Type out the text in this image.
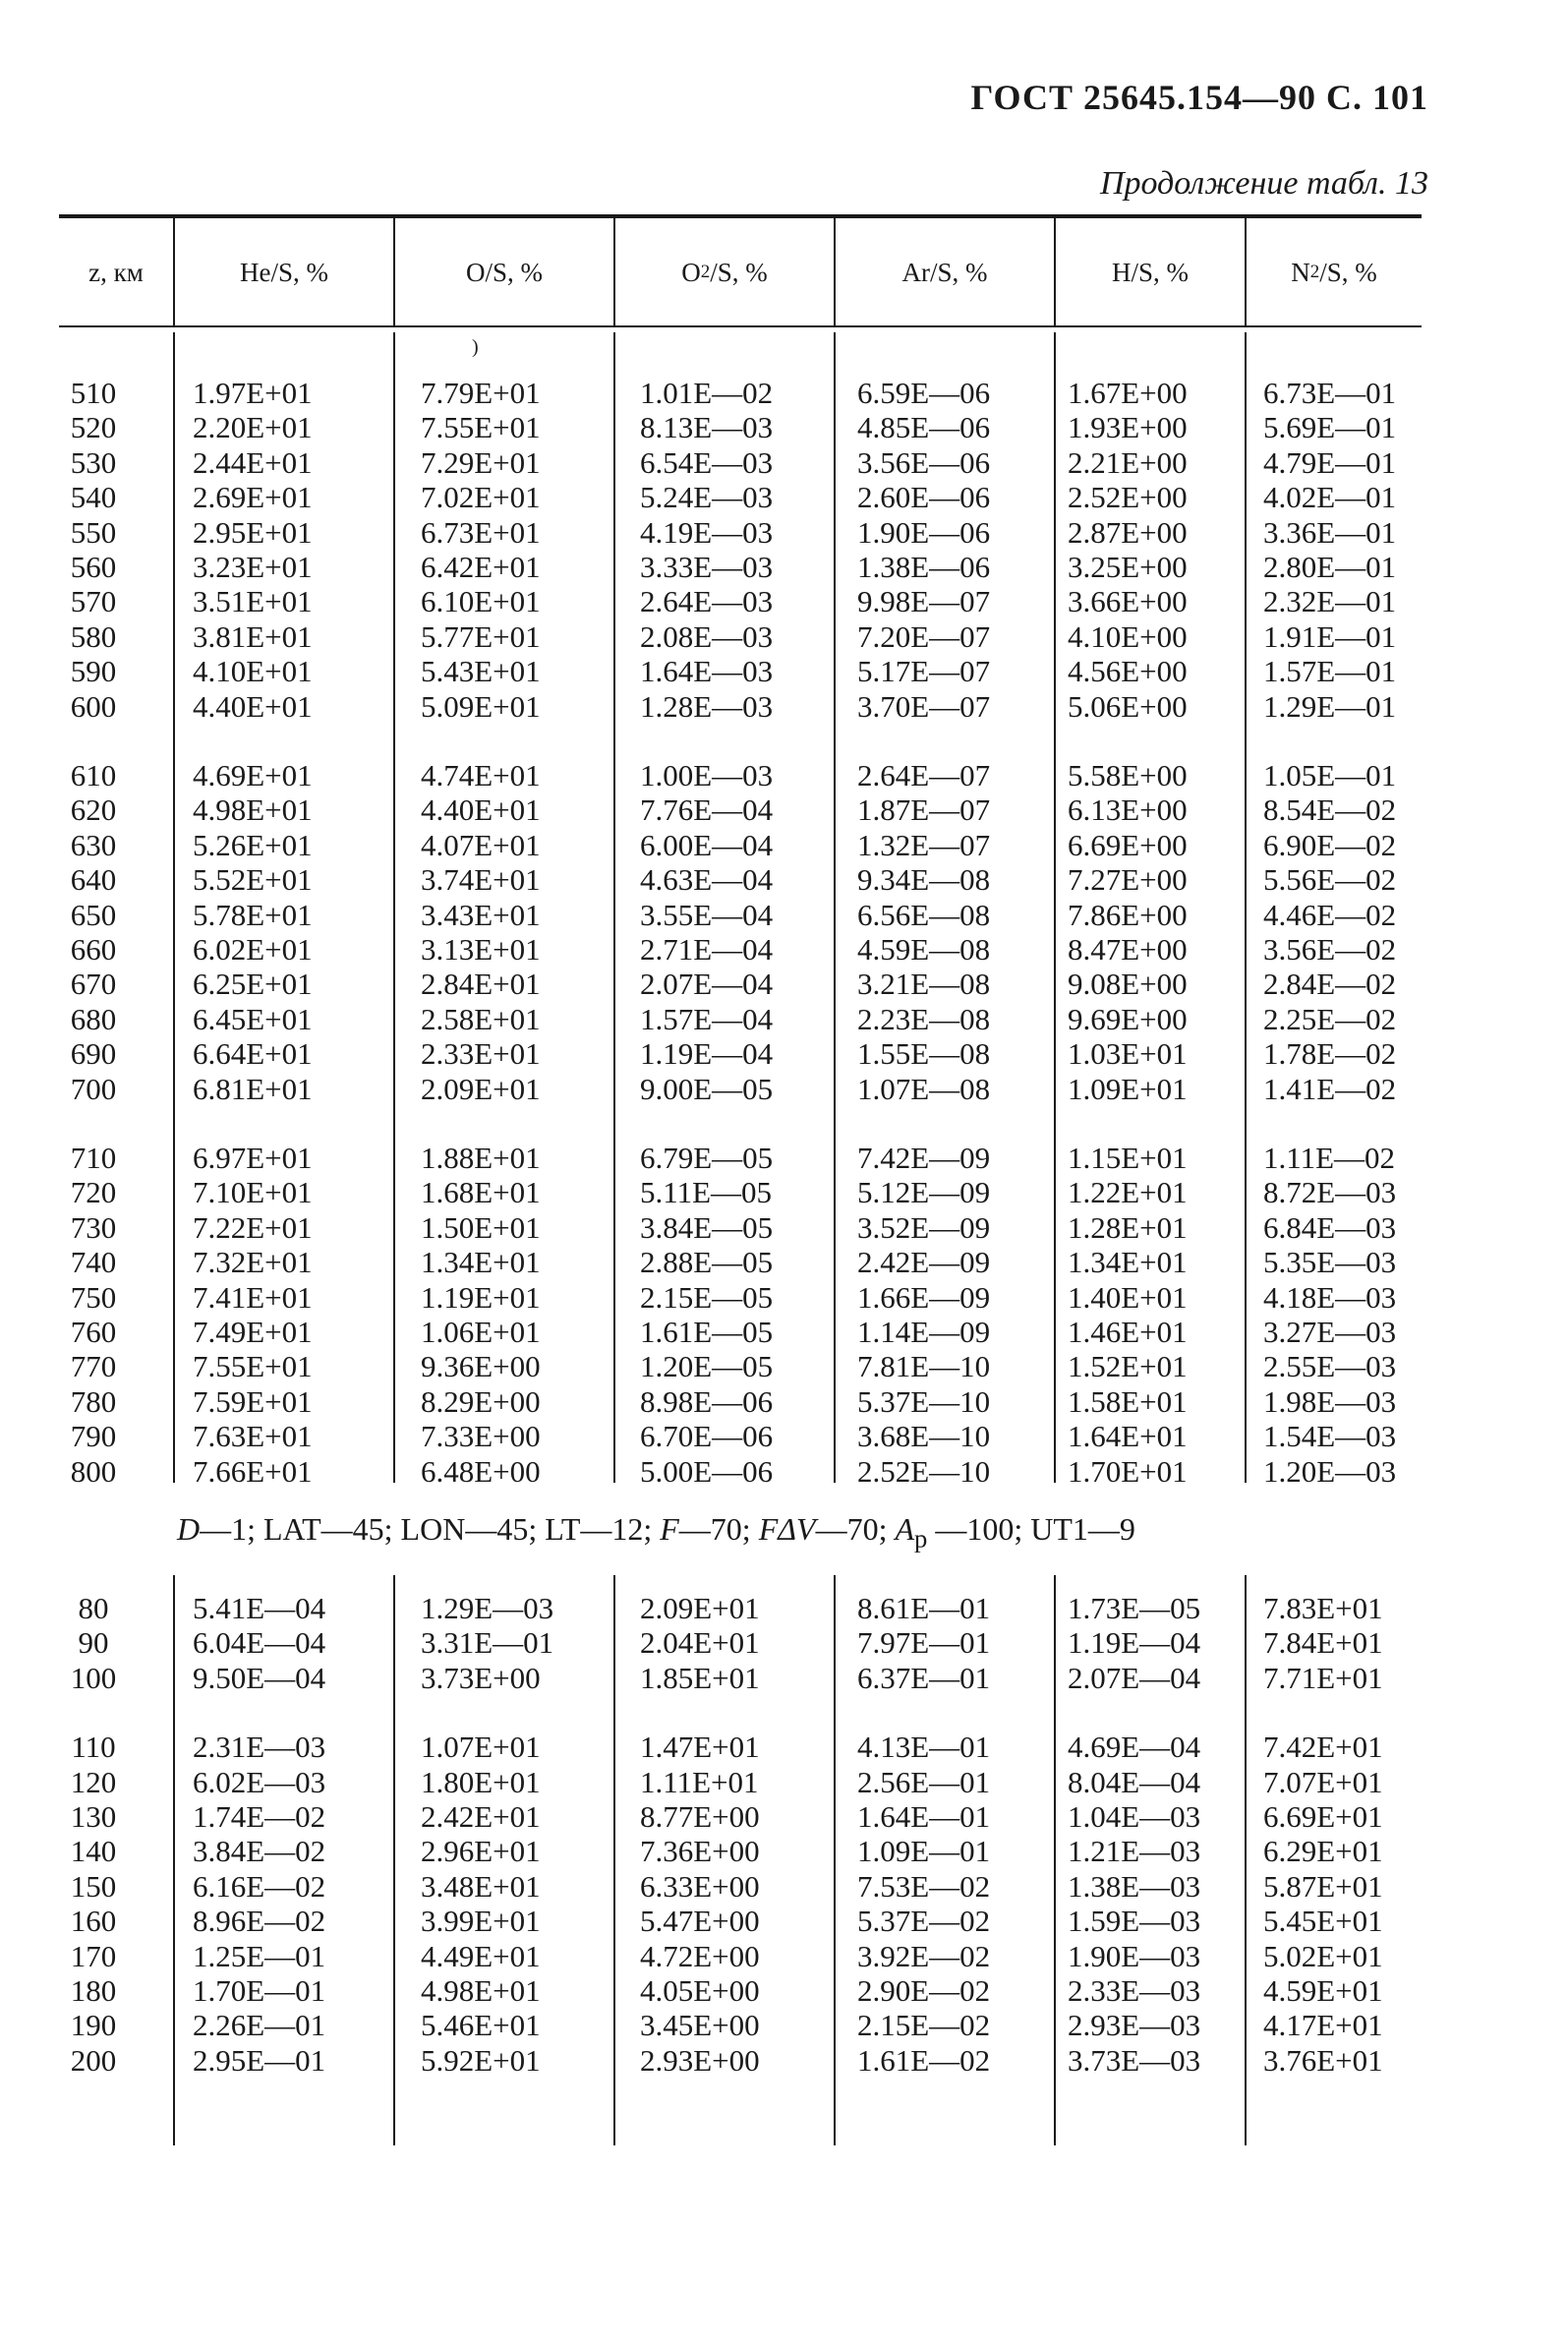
ГОСТ 25645.154—90 С. 101
Продолжение табл. 13
z, км	He/S, %	O/S, %	O 2 /S, %	Ar/S, %	H/S, %	N 2 /S, %
)
510	1.97E+01	7.79E+01	1.01E—02	6.59E—06	1.67E+00	6.73E—01
520	2.20E+01	7.55E+01	8.13E—03	4.85E—06	1.93E+00	5.69E—01
530	2.44E+01	7.29E+01	6.54E—03	3.56E—06	2.21E+00	4.79E—01
540	2.69E+01	7.02E+01	5.24E—03	2.60E—06	2.52E+00	4.02E—01
550	2.95E+01	6.73E+01	4.19E—03	1.90E—06	2.87E+00	3.36E—01
560	3.23E+01	6.42E+01	3.33E—03	1.38E—06	3.25E+00	2.80E—01
570	3.51E+01	6.10E+01	2.64E—03	9.98E—07	3.66E+00	2.32E—01
580	3.81E+01	5.77E+01	2.08E—03	7.20E—07	4.10E+00	1.91E—01
590	4.10E+01	5.43E+01	1.64E—03	5.17E—07	4.56E+00	1.57E—01
600	4.40E+01	5.09E+01	1.28E—03	3.70E—07	5.06E+00	1.29E—01
610	4.69E+01	4.74E+01	1.00E—03	2.64E—07	5.58E+00	1.05E—01
620	4.98E+01	4.40E+01	7.76E—04	1.87E—07	6.13E+00	8.54E—02
630	5.26E+01	4.07E+01	6.00E—04	1.32E—07	6.69E+00	6.90E—02
640	5.52E+01	3.74E+01	4.63E—04	9.34E—08	7.27E+00	5.56E—02
650	5.78E+01	3.43E+01	3.55E—04	6.56E—08	7.86E+00	4.46E—02
660	6.02E+01	3.13E+01	2.71E—04	4.59E—08	8.47E+00	3.56E—02
670	6.25E+01	2.84E+01	2.07E—04	3.21E—08	9.08E+00	2.84E—02
680	6.45E+01	2.58E+01	1.57E—04	2.23E—08	9.69E+00	2.25E—02
690	6.64E+01	2.33E+01	1.19E—04	1.55E—08	1.03E+01	1.78E—02
700	6.81E+01	2.09E+01	9.00E—05	1.07E—08	1.09E+01	1.41E—02
710	6.97E+01	1.88E+01	6.79E—05	7.42E—09	1.15E+01	1.11E—02
720	7.10E+01	1.68E+01	5.11E—05	5.12E—09	1.22E+01	8.72E—03
730	7.22E+01	1.50E+01	3.84E—05	3.52E—09	1.28E+01	6.84E—03
740	7.32E+01	1.34E+01	2.88E—05	2.42E—09	1.34E+01	5.35E—03
750	7.41E+01	1.19E+01	2.15E—05	1.66E—09	1.40E+01	4.18E—03
760	7.49E+01	1.06E+01	1.61E—05	1.14E—09	1.46E+01	3.27E—03
770	7.55E+01	9.36E+00	1.20E—05	7.81E—10	1.52E+01	2.55E—03
780	7.59E+01	8.29E+00	8.98E—06	5.37E—10	1.58E+01	1.98E—03
790	7.63E+01	7.33E+00	6.70E—06	3.68E—10	1.64E+01	1.54E—03
800	7.66E+01	6.48E+00	5.00E—06	2.52E—10	1.70E+01	1.20E—03
D—1; LAT—45; LON—45; LT—12; F—70; FΔV—70; $A_p$ —100; UT1—9
80	5.41E—04	1.29E—03	2.09E+01	8.61E—01	1.73E—05	7.83E+01
90	6.04E—04	3.31E—01	2.04E+01	7.97E—01	1.19E—04	7.84E+01
100	9.50E—04	3.73E+00	1.85E+01	6.37E—01	2.07E—04	7.71E+01
110	2.31E—03	1.07E+01	1.47E+01	4.13E—01	4.69E—04	7.42E+01
120	6.02E—03	1.80E+01	1.11E+01	2.56E—01	8.04E—04	7.07E+01
130	1.74E—02	2.42E+01	8.77E+00	1.64E—01	1.04E—03	6.69E+01
140	3.84E—02	2.96E+01	7.36E+00	1.09E—01	1.21E—03	6.29E+01
150	6.16E—02	3.48E+01	6.33E+00	7.53E—02	1.38E—03	5.87E+01
160	8.96E—02	3.99E+01	5.47E+00	5.37E—02	1.59E—03	5.45E+01
170	1.25E—01	4.49E+01	4.72E+00	3.92E—02	1.90E—03	5.02E+01
180	1.70E—01	4.98E+01	4.05E+00	2.90E—02	2.33E—03	4.59E+01
190	2.26E—01	5.46E+01	3.45E+00	2.15E—02	2.93E—03	4.17E+01
200	2.95E—01	5.92E+01	2.93E+00	1.61E—02	3.73E—03	3.76E+01
